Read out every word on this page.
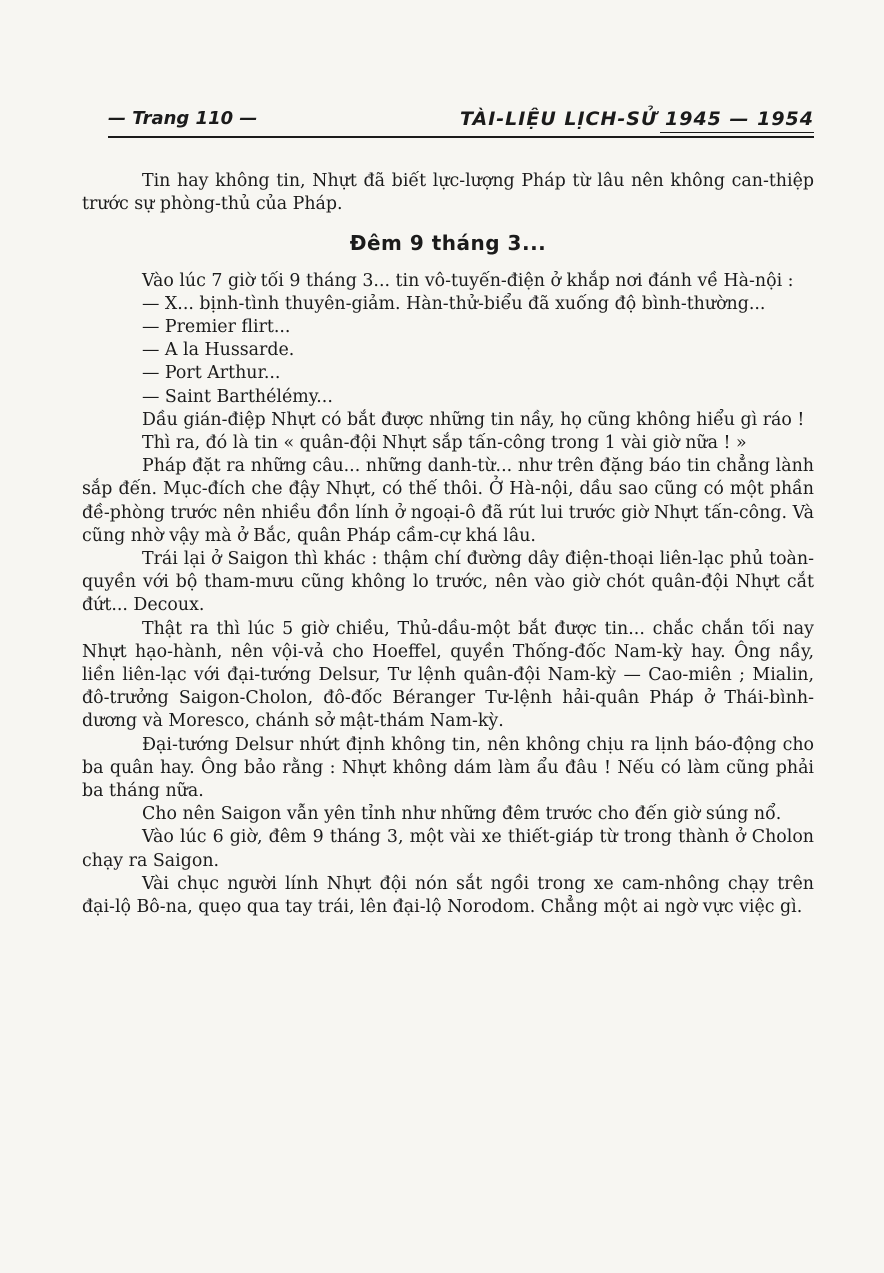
— Trang 110 —	TÀI-LIỆU LỊCH-SỬ 1945 — 1954

Tin hay không tin, Nhựt đã biết lực-lượng Pháp từ lâu nên không can-thiệp trước sự phòng-thủ của Pháp.

Đêm 9 tháng 3...

Vào lúc 7 giờ tối 9 tháng 3... tin vô-tuyến-điện ở khắp nơi đánh về Hà-nội :

— X... bịnh-tình thuyên-giảm. Hàn-thử-biểu đã xuống độ bình-thường...

— Premier flirt...

— A la Hussarde.

— Port Arthur...

— Saint Barthélémy...

Dầu gián-điệp Nhựt có bắt được những tin nầy, họ cũng không hiểu gì ráo !

Thì ra, đó là tin « quân-đội Nhựt sắp tấn-công trong 1 vài giờ nữa ! »

Pháp đặt ra những câu... những danh-từ... như trên đặng báo tin chẳng lành sắp đến. Mục-đích che đậy Nhựt, có thế thôi. Ở Hà-nội, dầu sao cũng có một phần đề-phòng trước nên nhiều đồn lính ở ngoại-ô đã rút lui trước giờ Nhựt tấn-công. Và cũng nhờ vậy mà ở Bắc, quân Pháp cầm-cự khá lâu.

Trái lại ở Saigon thì khác : thậm chí đường dây điện-thoại liên-lạc phủ toàn-quyền với bộ tham-mưu cũng không lo trước, nên vào giờ chót quân-đội Nhựt cắt đứt... Decoux.

Thật ra thì lúc 5 giờ chiều, Thủ-dầu-một bắt được tin... chắc chắn tối nay Nhựt hạo-hành, nên vội-vả cho Hoeffel, quyền Thống-đốc Nam-kỳ hay. Ông nầy, liền liên-lạc với đại-tướng Delsur, Tư lệnh quân-đội Nam-kỳ — Cao-miên ; Mialin, đô-trưởng Saigon-Cholon, đô-đốc Béranger Tư-lệnh hải-quân Pháp ở Thái-bình-dương và Moresco, chánh sở mật-thám Nam-kỳ.

Đại-tướng Delsur nhứt định không tin, nên không chịu ra lịnh báo-động cho ba quân hay. Ông bảo rằng : Nhựt không dám làm ẩu đâu ! Nếu có làm cũng phải ba tháng nữa.

Cho nên Saigon vẫn yên tỉnh như những đêm trước cho đến giờ súng nổ.

Vào lúc 6 giờ, đêm 9 tháng 3, một vài xe thiết-giáp từ trong thành ở Cholon chạy ra Saigon.

Vài chục người lính Nhựt đội nón sắt ngồi trong xe cam-nhông chạy trên đại-lộ Bô-na, quẹo qua tay trái, lên đại-lộ Norodom. Chẳng một ai ngờ vực việc gì.
